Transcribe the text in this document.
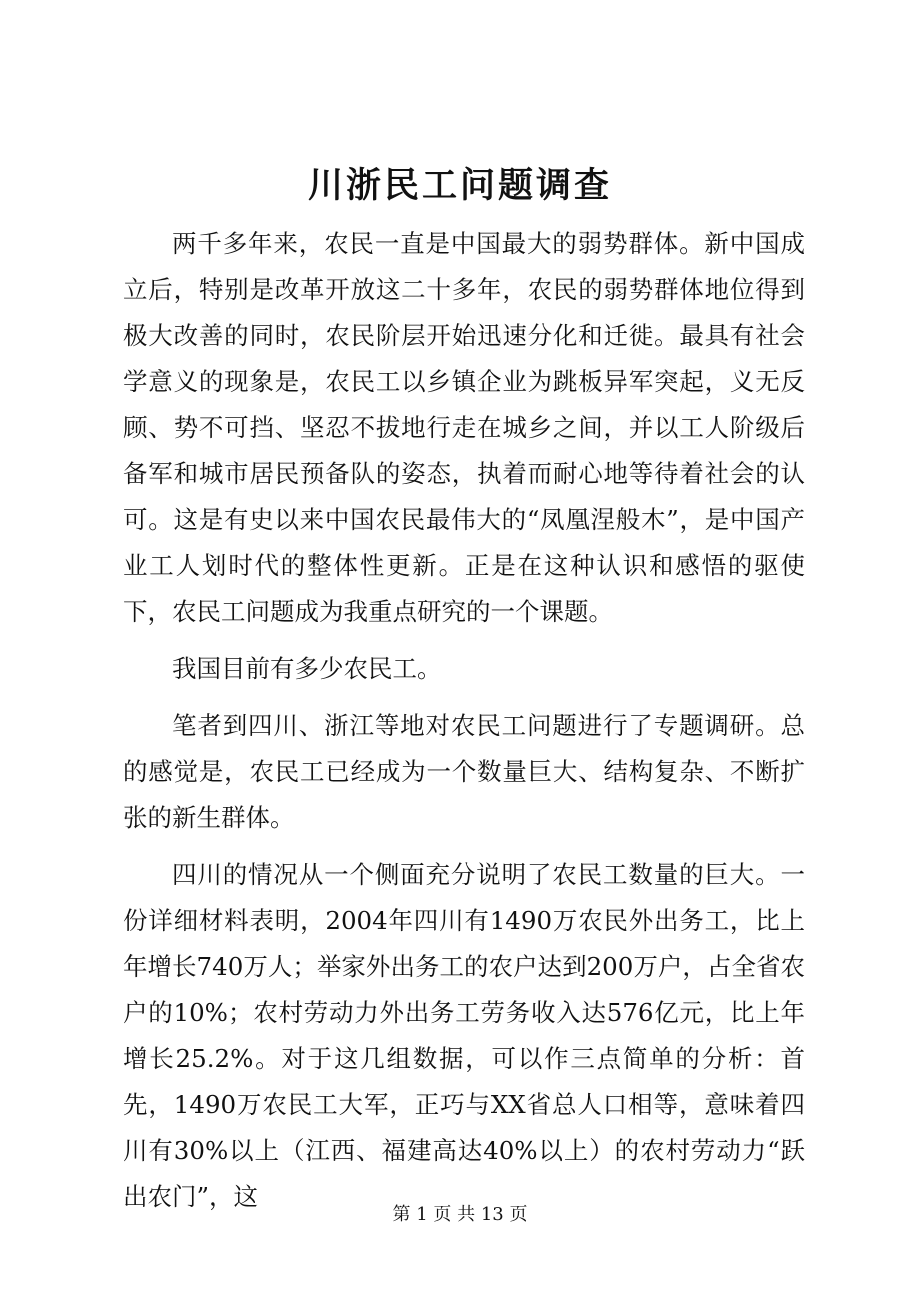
川浙民工问题调查

两千多年来，农民一直是中国最大的弱势群体。新中国成立后，特别是改革开放这二十多年，农民的弱势群体地位得到极大改善的同时，农民阶层开始迅速分化和迁徙。最具有社会学意义的现象是，农民工以乡镇企业为跳板异军突起，义无反顾、势不可挡、坚忍不拔地行走在城乡之间，并以工人阶级后备军和城市居民预备队的姿态，执着而耐心地等待着社会的认可。这是有史以来中国农民最伟大的“凤凰涅般木”，是中国产业工人划时代的整体性更新。正是在这种认识和感悟的驱使下，农民工问题成为我重点研究的一个课题。

我国目前有多少农民工。

笔者到四川、浙江等地对农民工问题进行了专题调研。总的感觉是，农民工已经成为一个数量巨大、结构复杂、不断扩张的新生群体。

四川的情况从一个侧面充分说明了农民工数量的巨大。一份详细材料表明，2004年四川有1490万农民外出务工，比上年增长740万人；举家外出务工的农户达到200万户，占全省农户的10%；农村劳动力外出务工劳务收入达576亿元，比上年增长25.2%。对于这几组数据，可以作三点简单的分析：首先，1490万农民工大军，正巧与XX省总人口相等，意味着四川有30%以上（江西、福建高达40%以上）的农村劳动力“跃出农门”，这

第 1 页 共 13 页
